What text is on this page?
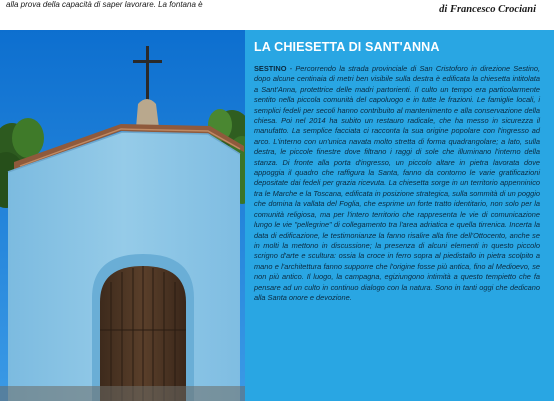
alla prova della capacità di saper lavorare. La fontana è	di Francesco Crociani

LA CHIESETTA DI SANT'ANNA

SESTINO - Percorrendo la strada provinciale di San Cristoforo in direzione Sestino, dopo alcune centinaia di metri ben visibile sulla destra è edificata la chiesetta intitolata a Sant'Anna, protettrice delle madri partorienti. Il culto un tempo era particolarmente sentito nella piccola comunità del capoluogo e in tutte le frazioni. Le famiglie locali, i semplici fedeli per secoli hanno contribuito al mantenimento e alla conservazione della chiesa. Poi nel 2014 ha subito un restauro radicale, che ha messo in sicurezza il manufatto. La semplice facciata ci racconta la sua origine popolare con l'ingresso ad arco. L'interno con un'unica navata molto stretta di forma quadrangolare; a lato, sulla destra, le piccole finestre dove filtrano i raggi di sole che illuminano l'interno della stanza. Di fronte alla porta d'ingresso, un piccolo altare in pietra lavorata dove appoggia il quadro che raffigura la Santa, fanno da contorno le varie gratificazioni depositate dai fedeli per grazia ricevuta. La chiesetta sorge in un territorio appenninico tra le Marche e la Toscana, edificata in posizione strategica, sulla sommità di un poggio che domina la vallata del Foglia, che esprime un forte tratto identitario, non solo per la comunità religiosa, ma per l'intero territorio che rappresenta le vie di comunicazione lungo le vie "pellegrine" di collegamento tra l'area adriatica e quella tirrenica. Incerta la data di edificazione, le testimonianze la fanno risalire alla fine dell'Ottocento, anche se in molti la mettono in discussione; la presenza di alcuni elementi in questo piccolo scrigno d'arte e scultura: ossia la croce in ferro sopra al piedistallo in pietra scolpito a mano e l'architettura fanno supporre che l'origine fosse più antica, fino al Medioevo, se non più antico. Il luogo, la campagna, egiziungono intimità a questo tempietto che fa pensare ad un culto in continuo dialogo con la natura. Sono in tanti oggi che dedicano alla Santa onore e devozione.
